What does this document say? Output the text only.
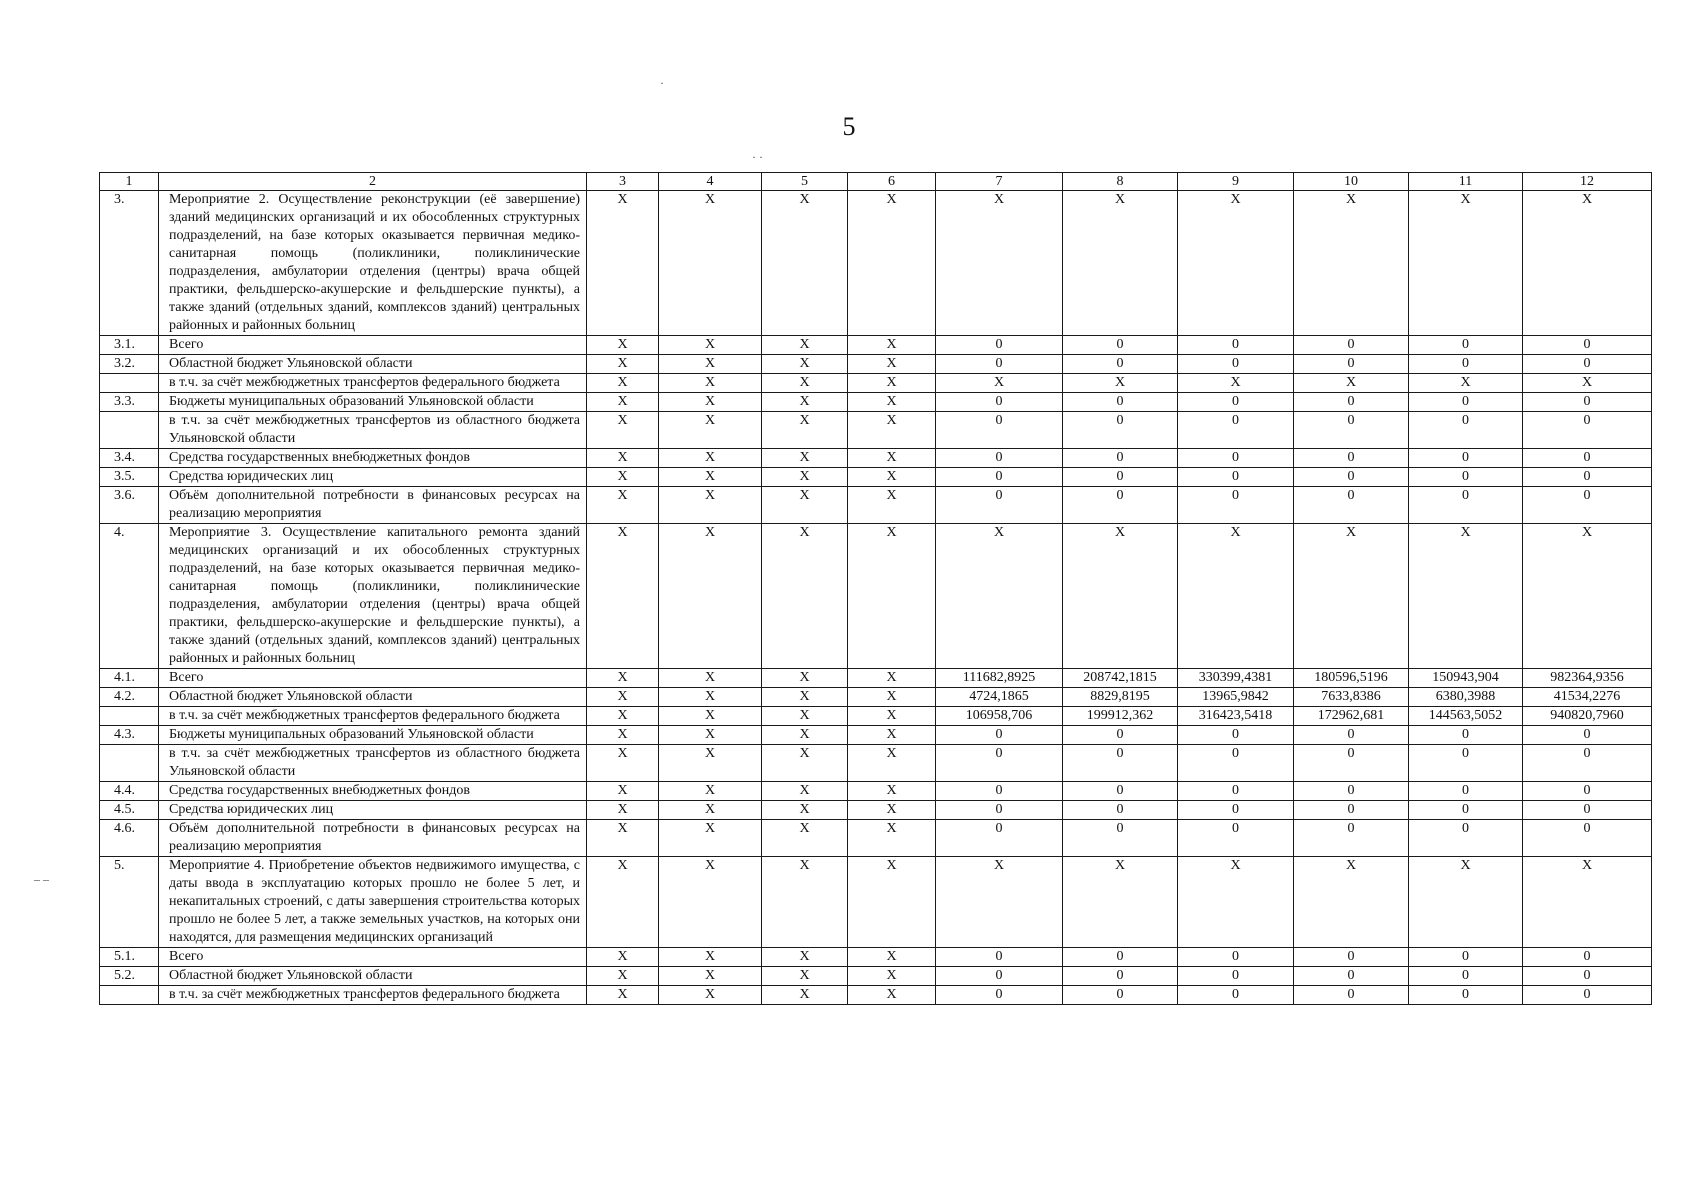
5
·
· ·
– –
1	2	3	4	5	6	7	8	9	10	11	12
3.	Мероприятие 2. Осуществление реконструкции (её завершение) зданий медицинских организаций и их обособленных структурных подразделений, на базе которых оказывается первичная медико-санитарная помощь (поликлиники, поликлинические подразделения, амбулатории отделения (центры) врача общей практики, фельдшерско-акушерские и фельдшерские пункты), а также зданий (отдельных зданий, комплексов зданий) центральных районных и районных больниц	X	X	X	X	X	X	X	X	X	X
3.1.	Всего	X	X	X	X	0	0	0	0	0	0
3.2.	Областной бюджет Ульяновской области	X	X	X	X	0	0	0	0	0	0
	в т.ч. за счёт межбюджетных трансфертов федерального бюджета	X	X	X	X	X	X	X	X	X	X
3.3.	Бюджеты муниципальных образований Ульяновской области	X	X	X	X	0	0	0	0	0	0
	в т.ч. за счёт межбюджетных трансфертов из областного бюджета Ульяновской области	X	X	X	X	0	0	0	0	0	0
3.4.	Средства государственных внебюджетных фондов	X	X	X	X	0	0	0	0	0	0
3.5.	Средства юридических лиц	X	X	X	X	0	0	0	0	0	0
3.6.	Объём дополнительной потребности в финансовых ресурсах на реализацию мероприятия	X	X	X	X	0	0	0	0	0	0
4.	Мероприятие 3. Осуществление капитального ремонта зданий медицинских организаций и их обособленных структурных подразделений, на базе которых оказывается первичная медико-санитарная помощь (поликлиники, поликлинические подразделения, амбулатории отделения (центры) врача общей практики, фельдшерско-акушерские и фельдшерские пункты), а также зданий (отдельных зданий, комплексов зданий) центральных районных и районных больниц	X	X	X	X	X	X	X	X	X	X
4.1.	Всего	X	X	X	X	111682,8925	208742,1815	330399,4381	180596,5196	150943,904	982364,9356
4.2.	Областной бюджет Ульяновской области	X	X	X	X	4724,1865	8829,8195	13965,9842	7633,8386	6380,3988	41534,2276
	в т.ч. за счёт межбюджетных трансфертов федерального бюджета	X	X	X	X	106958,706	199912,362	316423,5418	172962,681	144563,5052	940820,7960
4.3.	Бюджеты муниципальных образований Ульяновской области	X	X	X	X	0	0	0	0	0	0
	в т.ч. за счёт межбюджетных трансфертов из областного бюджета Ульяновской области	X	X	X	X	0	0	0	0	0	0
4.4.	Средства государственных внебюджетных фондов	X	X	X	X	0	0	0	0	0	0
4.5.	Средства юридических лиц	X	X	X	X	0	0	0	0	0	0
4.6.	Объём дополнительной потребности в финансовых ресурсах на реализацию мероприятия	X	X	X	X	0	0	0	0	0	0
5.	Мероприятие 4. Приобретение объектов недвижимого имущества, с даты ввода в эксплуатацию которых прошло не более 5 лет, и некапитальных строений, с даты завершения строительства которых прошло не более 5 лет, а также земельных участков, на которых они находятся, для размещения медицинских организаций	X	X	X	X	X	X	X	X	X	X
5.1.	Всего	X	X	X	X	0	0	0	0	0	0
5.2.	Областной бюджет Ульяновской области	X	X	X	X	0	0	0	0	0	0
	в т.ч. за счёт межбюджетных трансфертов федерального бюджета	X	X	X	X	0	0	0	0	0	0
